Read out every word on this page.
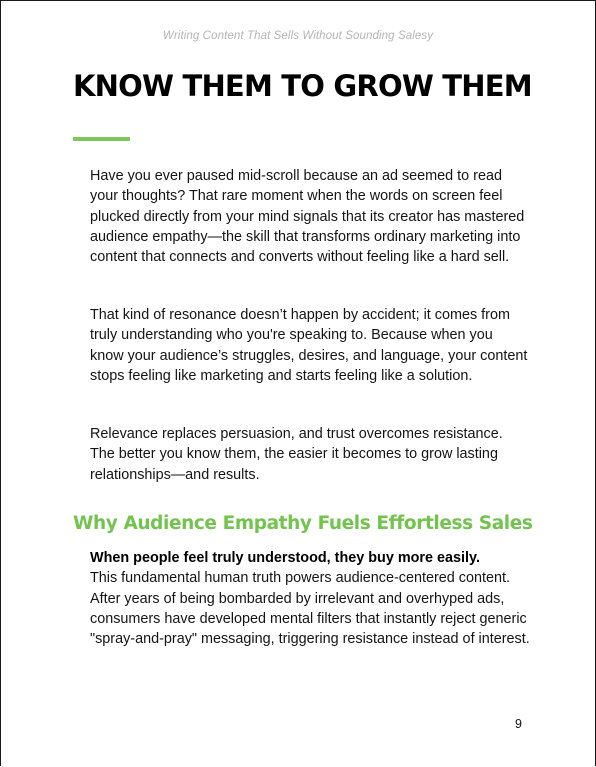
Writing Content That Sells Without Sounding Salesy
KNOW THEM TO GROW THEM

Have you ever paused mid-scroll because an ad seemed to read your thoughts? That rare moment when the words on screen feel plucked directly from your mind signals that its creator has mastered audience empathy—the skill that transforms ordinary marketing into content that connects and converts without feeling like a hard sell.

That kind of resonance doesn’t happen by accident; it comes from truly understanding who you're speaking to. Because when you know your audience’s struggles, desires, and language, your content stops feeling like marketing and starts feeling like a solution.

Relevance replaces persuasion, and trust overcomes resistance. The better you know them, the easier it becomes to grow lasting relationships—and results.

Why Audience Empathy Fuels Effortless Sales

When people feel truly understood, they buy more easily.
This fundamental human truth powers audience-centered content. After years of being bombarded by irrelevant and overhyped ads, consumers have developed mental filters that instantly reject generic "spray-and-pray" messaging, triggering resistance instead of interest.

9
